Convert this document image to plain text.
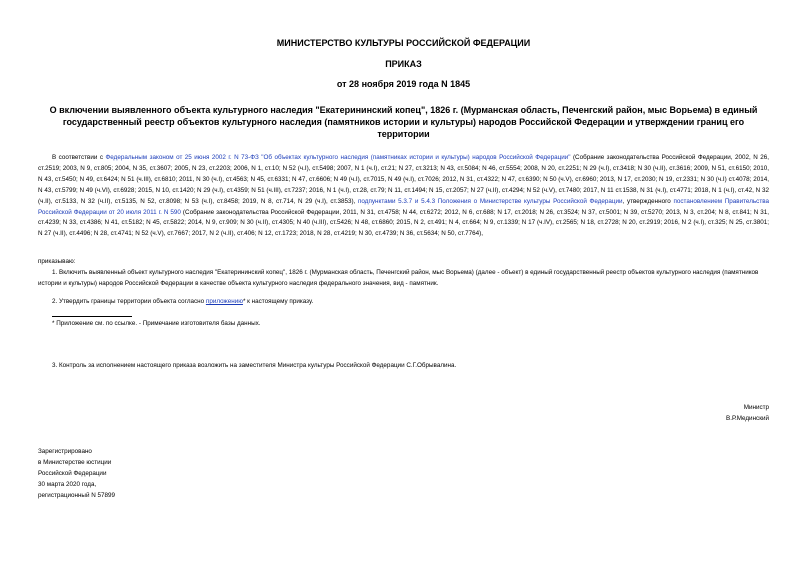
МИНИСТЕРСТВО КУЛЬТУРЫ РОССИЙСКОЙ ФЕДЕРАЦИИ
ПРИКАЗ
от 28 ноября 2019 года N 1845
О включении выявленного объекта культурного наследия "Екатерининский копец", 1826 г. (Мурманская область, Печенгский район, мыс Ворьема) в единый государственный реестр объектов культурного наследия (памятников истории и культуры) народов Российской Федерации и утверждении границ его территории
В соответствии с Федеральным законом от 25 июня 2002 г. N 73-ФЗ "Об объектах культурного наследия (памятниках истории и культуры) народов Российской Федерации" (Собрание законодательства Российской Федерации, 2002, N 26, ст.2519; 2003, N 9, ст.805; 2004, N 35, ст.3607; 2005, N 23, ст.2203; 2006, N 1, ст.10; N 52 (ч.I), ст.5498; 2007, N 1 (ч.I), ст.21; N 27, ст.3213; N 43, ст.5084; N 46, ст.5554; 2008, N 20, ст.2251; N 29 (ч.I), ст.3418; N 30 (ч.II), ст.3616; 2009, N 51, ст.6150; 2010, N 43, ст.5450; N 49, ст.6424; N 51 (ч.III), ст.6810; 2011, N 30 (ч.I), ст.4563; N 45, ст.6331; N 47, ст.6606; N 49 (ч.I), ст.7015, N 49 (ч.I), ст.7026; 2012, N 31, ст.4322; N 47, ст.6390; N 50 (ч.V), ст.6960; 2013, N 17, ст.2030; N 19, ст.2331; N 30 (ч.I) ст.4078; 2014, N 43, ст.5799; N 49 (ч.VI), ст.6928; 2015, N 10, ст.1420; N 29 (ч.I), ст.4359; N 51 (ч.III), ст.7237; 2016, N 1 (ч.I), ст.28, ст.79; N 11, ст.1494; N 15, ст.2057; N 27 (ч.II), ст.4294; N 52 (ч.V), ст.7480; 2017, N 11 ст.1538, N 31 (ч.I), ст.4771; 2018, N 1 (ч.I), ст.42, N 32 (ч.II), ст.5133, N 32 (ч.II), ст.5135, N 52, ст.8098; N 53 (ч.I), ст.8458; 2019, N 8, ст.714, N 29 (ч.I), ст.3853), подпунктами 5.3.7 и 5.4.3 Положения о Министерстве культуры Российской Федерации, утвержденного постановлением Правительства Российской Федерации от 20 июля 2011 г. N 590 (Собрание законодательства Российской Федерации, 2011, N 31, ст.4758; N 44, ст.6272; 2012, N 6, ст.688; N 17, ст.2018; N 26, ст.3524; N 37, ст.5001; N 39, ст.5270; 2013, N 3, ст.204; N 8, ст.841; N 31, ст.4239; N 33, ст.4386; N 41, ст.5182; N 45, ст.5822; 2014, N 9, ст.909; N 30 (ч.II), ст.4305; N 40 (ч.III), ст.5426; N 48, ст.6860; 2015, N 2, ст.491; N 4, ст.664; N 9, ст.1339; N 17 (ч.IV), ст.2565; N 18, ст.2728; N 20, ст.2919; 2016, N 2 (ч.I), ст.325; N 25, ст.3801; N 27 (ч.II), ст.4496; N 28, ст.4741; N 52 (ч.V), ст.7667; 2017, N 2 (ч.II), ст.406; N 12, ст.1723; 2018, N 28, ст.4219; N 30, ст.4739; N 36, ст.5634; N 50, ст.7764),
приказываю:
1. Включить выявленный объект культурного наследия "Екатерининский копец", 1826 г. (Мурманская область, Печенгский район, мыс Ворьема) (далее - объект) в единый государственный реестр объектов культурного наследия (памятников истории и культуры) народов Российской Федерации в качестве объекта культурного наследия федерального значения, вид - памятник.
2. Утвердить границы территории объекта согласно приложению* к настоящему приказу.
* Приложение см. по ссылке. - Примечание изготовителя базы данных.
3. Контроль за исполнением настоящего приказа возложить на заместителя Министра культуры Российской Федерации С.Г.Обрывалина.
Министр
В.Р.Мединский
Зарегистрировано
в Министерстве юстиции
Российской Федерации
30 марта 2020 года,
регистрационный N 57899
